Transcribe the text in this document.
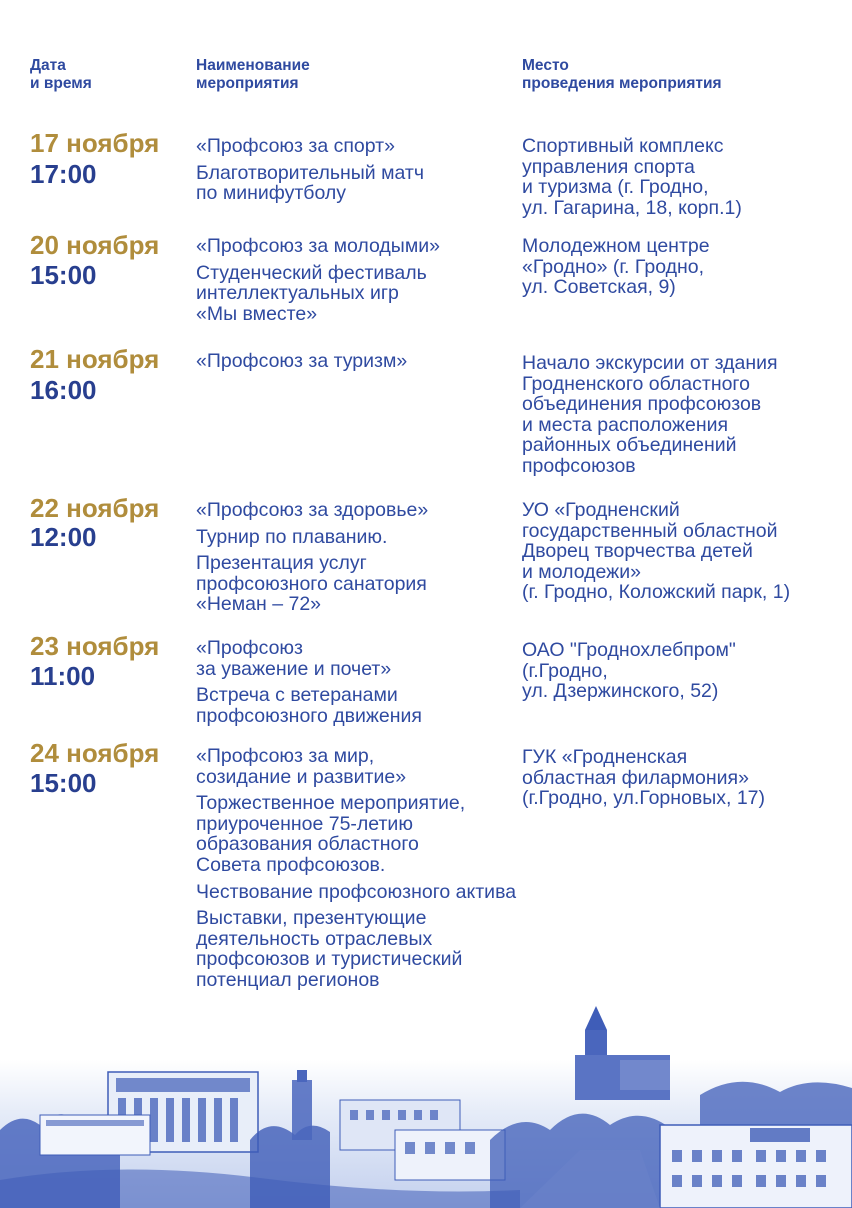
Дата
и время
Наименование
мероприятия
Место
проведения мероприятия
17 ноября
17:00
«Профсоюз за спорт»
Благотворительный матч
по минифутболу
Спортивный комплекс
управления спорта
и туризма (г. Гродно,
ул. Гагарина, 18, корп.1)
20 ноября
15:00
«Профсоюз за молодыми»
Студенческий фестиваль
интеллектуальных игр
«Мы вместе»
Молодежном центре
«Гродно» (г. Гродно,
ул. Советская, 9)
21 ноября
16:00
«Профсоюз за туризм»	Начало экскурсии от здания
Гродненского областного
объединения профсоюзов
и места расположения
районных объединений
профсоюзов
22 ноября
12:00
«Профсоюз за здоровье»
Турнир по плаванию.
Презентация услуг
профсоюзного санатория
«Неман – 72»
УО «Гродненский
государственный областной
Дворец творчества детей
и молодежи»
(г. Гродно, Коложский парк, 1)
23 ноября
11:00
«Профсоюз
за уважение и почет»
Встреча с ветеранами
профсоюзного движения
ОАО "Гроднохлебпром"
(г.Гродно,
ул. Дзержинского, 52)
24 ноября
15:00
«Профсоюз за мир,
созидание и развитие»
Торжественное мероприятие,
приуроченное 75-летию
образования областного
Совета профсоюзов.
Чествование профсоюзного актива
Выставки, презентующие
деятельность отраслевых
профсоюзов и туристический
потенциал регионов
ГУК «Гродненская
областная филармония»
(г.Гродно, ул.Горновых, 17)
